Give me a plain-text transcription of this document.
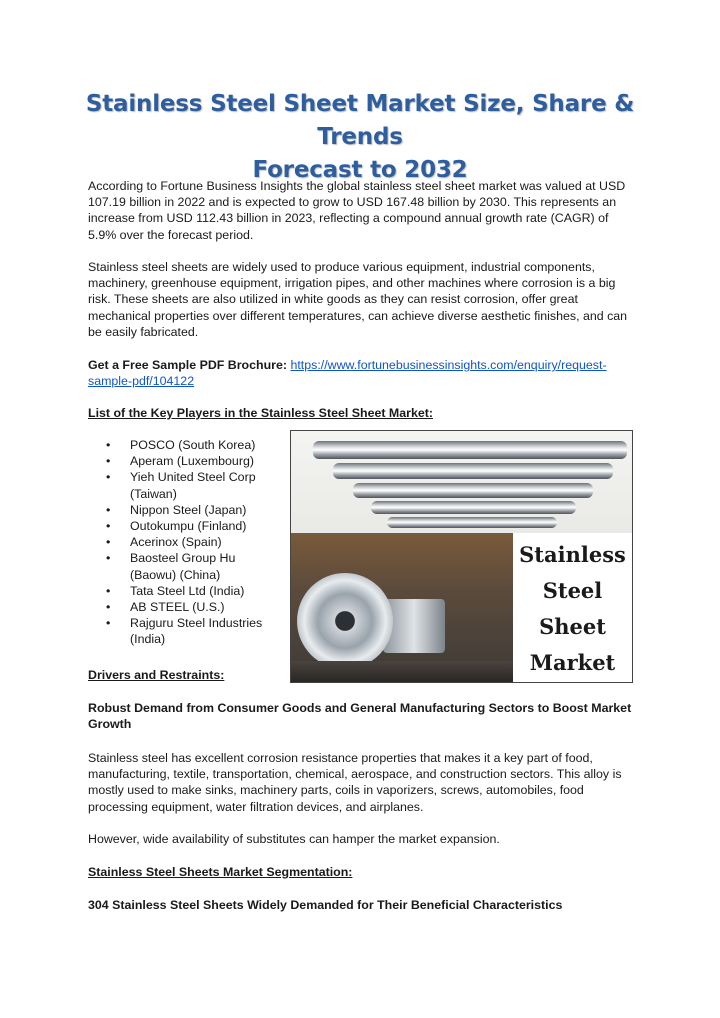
Stainless Steel Sheet Market Size, Share & Trends
Forecast to 2032

According to Fortune Business Insights the global stainless steel sheet market was valued at USD 107.19 billion in 2022 and is expected to grow to USD 167.48 billion by 2030. This represents an increase from USD 112.43 billion in 2023, reflecting a compound annual growth rate (CAGR) of 5.9% over the forecast period.

Stainless steel sheets are widely used to produce various equipment, industrial components, machinery, greenhouse equipment, irrigation pipes, and other machines where corrosion is a big risk. These sheets are also utilized in white goods as they can resist corrosion, offer great mechanical properties over different temperatures, can achieve diverse aesthetic finishes, and can be easily fabricated.

Get a Free Sample PDF Brochure: https://www.fortunebusinessinsights.com/enquiry/request-sample-pdf/104122

List of the Key Players in the Stainless Steel Sheet Market:

• POSCO (South Korea)
• Aperam (Luxembourg)
• Yieh United Steel Corp (Taiwan)
• Nippon Steel (Japan)
• Outokumpu (Finland)
• Acerinox (Spain)
• Baosteel Group Hu (Baowu) (China)
• Tata Steel Ltd (India)
• AB STEEL (U.S.)
• Rajguru Steel Industries (India)
Stainless
Steel
Sheet
Market
Drivers and Restraints:

Robust Demand from Consumer Goods and General Manufacturing Sectors to Boost Market Growth

Stainless steel has excellent corrosion resistance properties that makes it a key part of food, manufacturing, textile, transportation, chemical, aerospace, and construction sectors. This alloy is mostly used to make sinks, machinery parts, coils in vaporizers, screws, automobiles, food processing equipment, water filtration devices, and airplanes.

However, wide availability of substitutes can hamper the market expansion.

Stainless Steel Sheets Market Segmentation:

304 Stainless Steel Sheets Widely Demanded for Their Beneficial Characteristics
